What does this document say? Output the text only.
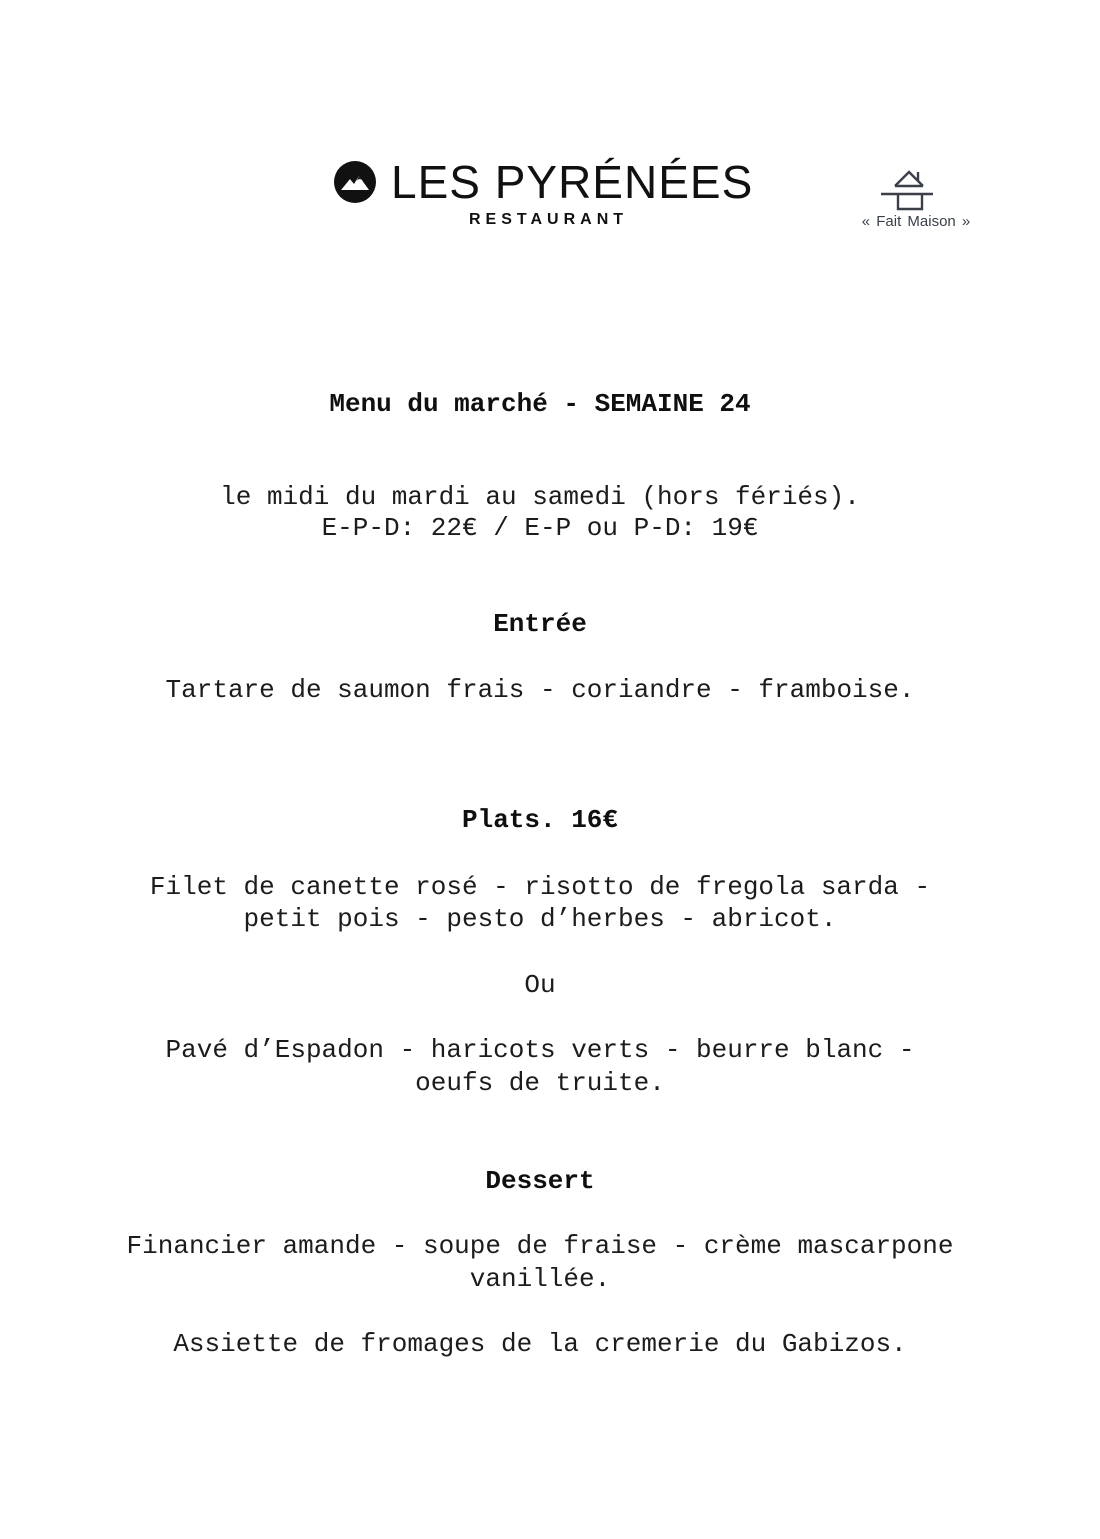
LES PYRÉNÉES
RESTAURANT	« Fait Maison »
Menu du marché - SEMAINE 24
le midi du mardi au samedi (hors fériés).
E-P-D: 22€ / E-P ou P-D: 19€
Entrée
Tartare de saumon frais - coriandre - framboise.
Plats. 16€
Filet de canette rosé - risotto de fregola sarda -
petit pois - pesto d’herbes - abricot.
Ou
Pavé d’Espadon - haricots verts - beurre blanc -
oeufs de truite.
Dessert
Financier amande - soupe de fraise - crème mascarpone
vanillée.
Assiette de fromages de la cremerie du Gabizos.
